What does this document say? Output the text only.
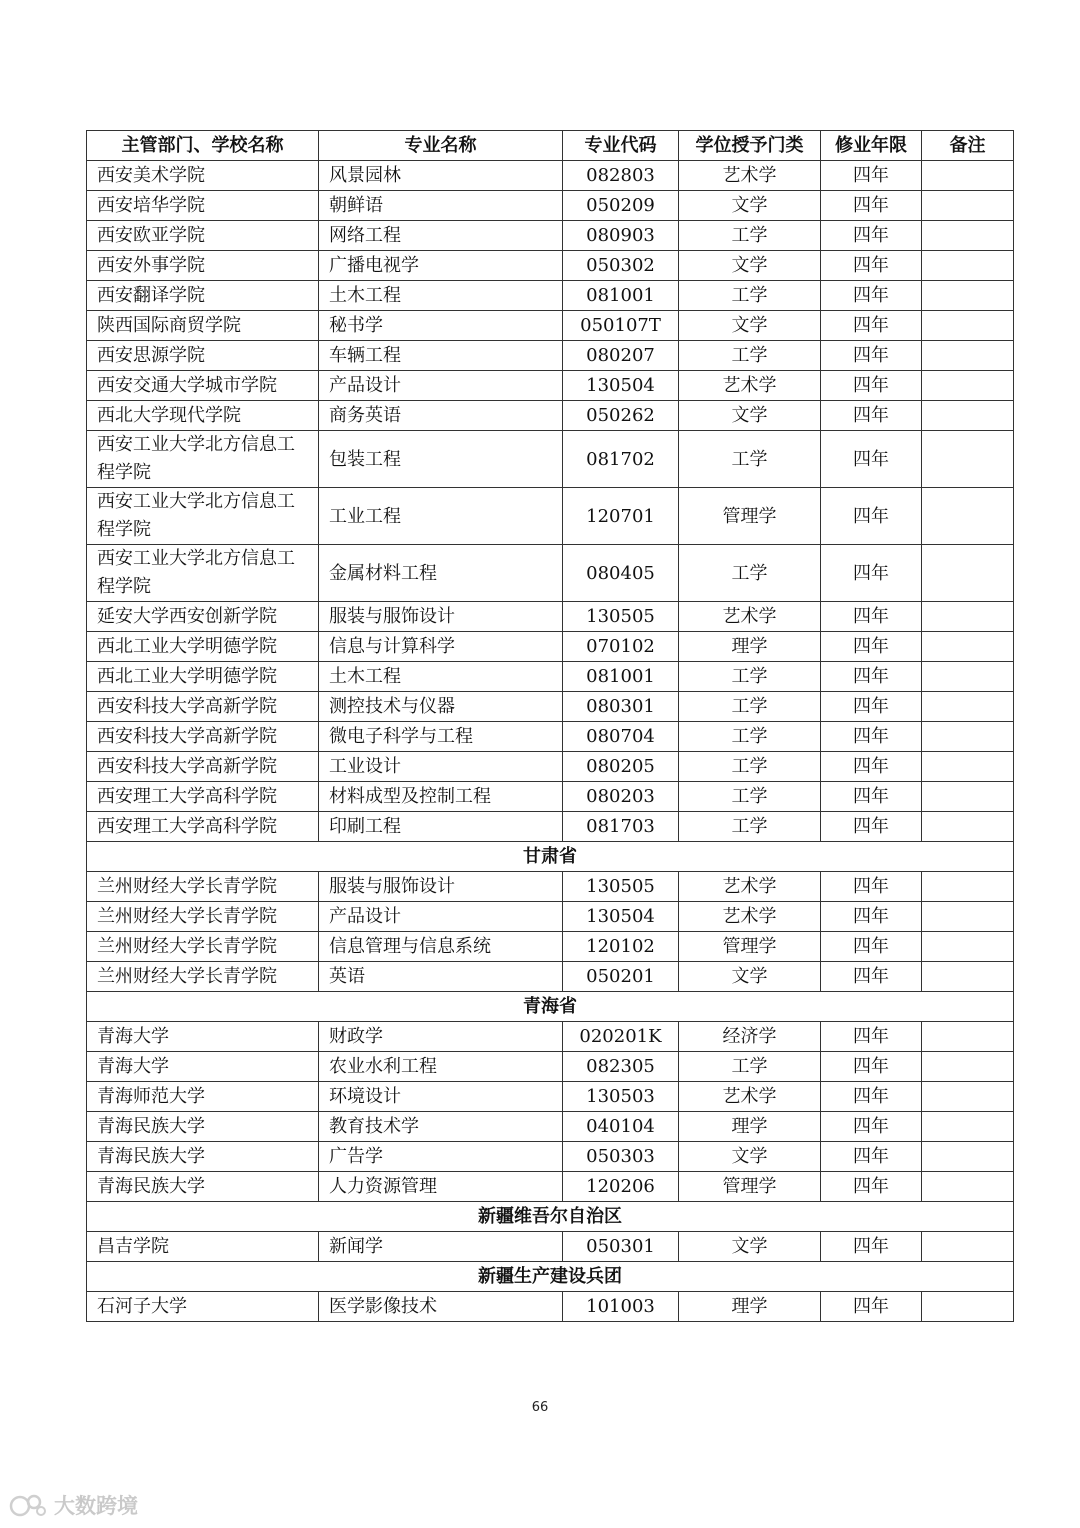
主管部门、学校名称	专业名称	专业代码	学位授予门类	修业年限	备注
西安美术学院	风景园林	082803	艺术学	四年	
西安培华学院	朝鲜语	050209	文学	四年	
西安欧亚学院	网络工程	080903	工学	四年	
西安外事学院	广播电视学	050302	文学	四年	
西安翻译学院	土木工程	081001	工学	四年	
陕西国际商贸学院	秘书学	050107T	文学	四年	
西安思源学院	车辆工程	080207	工学	四年	
西安交通大学城市学院	产品设计	130504	艺术学	四年	
西北大学现代学院	商务英语	050262	文学	四年	
西安工业大学北方信息工程学院	包装工程	081702	工学	四年	
西安工业大学北方信息工程学院	工业工程	120701	管理学	四年	
西安工业大学北方信息工程学院	金属材料工程	080405	工学	四年	
延安大学西安创新学院	服装与服饰设计	130505	艺术学	四年	
西北工业大学明德学院	信息与计算科学	070102	理学	四年	
西北工业大学明德学院	土木工程	081001	工学	四年	
西安科技大学高新学院	测控技术与仪器	080301	工学	四年	
西安科技大学高新学院	微电子科学与工程	080704	工学	四年	
西安科技大学高新学院	工业设计	080205	工学	四年	
西安理工大学高科学院	材料成型及控制工程	080203	工学	四年	
西安理工大学高科学院	印刷工程	081703	工学	四年	
甘肃省					
兰州财经大学长青学院	服装与服饰设计	130505	艺术学	四年	
兰州财经大学长青学院	产品设计	130504	艺术学	四年	
兰州财经大学长青学院	信息管理与信息系统	120102	管理学	四年	
兰州财经大学长青学院	英语	050201	文学	四年	
青海省					
青海大学	财政学	020201K	经济学	四年	
青海大学	农业水利工程	082305	工学	四年	
青海师范大学	环境设计	130503	艺术学	四年	
青海民族大学	教育技术学	040104	理学	四年	
青海民族大学	广告学	050303	文学	四年	
青海民族大学	人力资源管理	120206	管理学	四年	
新疆维吾尔自治区					
昌吉学院	新闻学	050301	文学	四年	
新疆生产建设兵团					
石河子大学	医学影像技术	101003	理学	四年	
66
大数跨境
